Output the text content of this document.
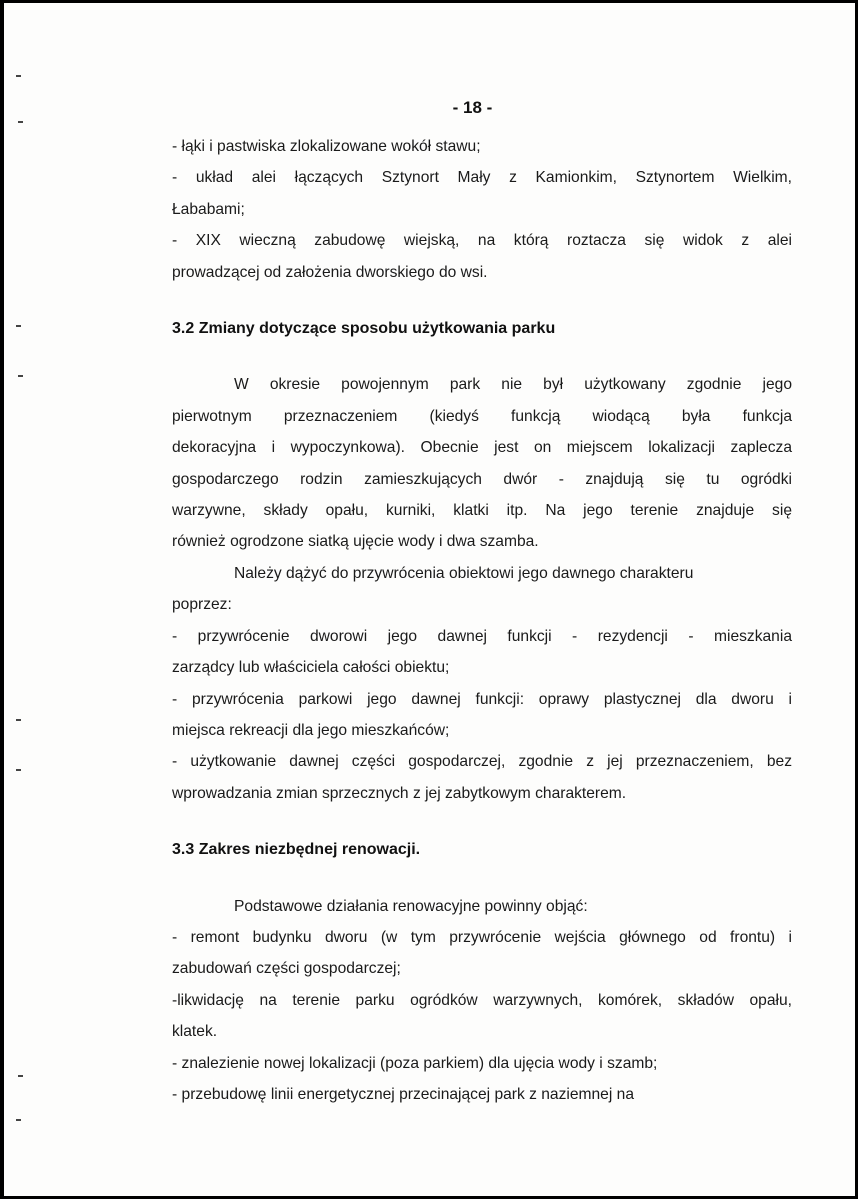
- 18 -
- łąki i pastwiska zlokalizowane wokół stawu;
- układ alei łączących Sztynort Mały z Kamionkim, Sztynortem Wielkim,
Łababami;
- XIX wieczną zabudowę wiejską, na którą roztacza się widok z alei
prowadzącej od założenia dworskiego do wsi.
3.2 Zmiany dotyczące sposobu użytkowania parku
W okresie powojennym park nie był użytkowany zgodnie jego
pierwotnym przeznaczeniem (kiedyś funkcją wiodącą była funkcja
dekoracyjna i wypoczynkowa). Obecnie jest on miejscem lokalizacji zaplecza
gospodarczego rodzin zamieszkujących dwór - znajdują się tu ogródki
warzywne, składy opału, kurniki, klatki itp. Na jego terenie znajduje się
również ogrodzone siatką ujęcie wody i dwa szamba.
Należy dążyć do przywrócenia obiektowi jego dawnego charakteru
poprzez:
- przywrócenie dworowi jego dawnej funkcji - rezydencji - mieszkania
zarządcy lub właściciela całości obiektu;
- przywrócenia parkowi jego dawnej funkcji: oprawy plastycznej dla dworu i
miejsca rekreacji dla jego mieszkańców;
- użytkowanie dawnej części gospodarczej, zgodnie z jej przeznaczeniem, bez
wprowadzania zmian sprzecznych z jej zabytkowym charakterem.
3.3 Zakres niezbędnej renowacji.
Podstawowe działania renowacyjne powinny objąć:
- remont budynku dworu (w tym przywrócenie wejścia głównego od frontu) i
zabudowań części gospodarczej;
-likwidację na terenie parku ogródków warzywnych, komórek, składów opału,
klatek.
- znalezienie nowej lokalizacji (poza parkiem) dla ujęcia wody i szamb;
- przebudowę linii energetycznej przecinającej park z naziemnej na
